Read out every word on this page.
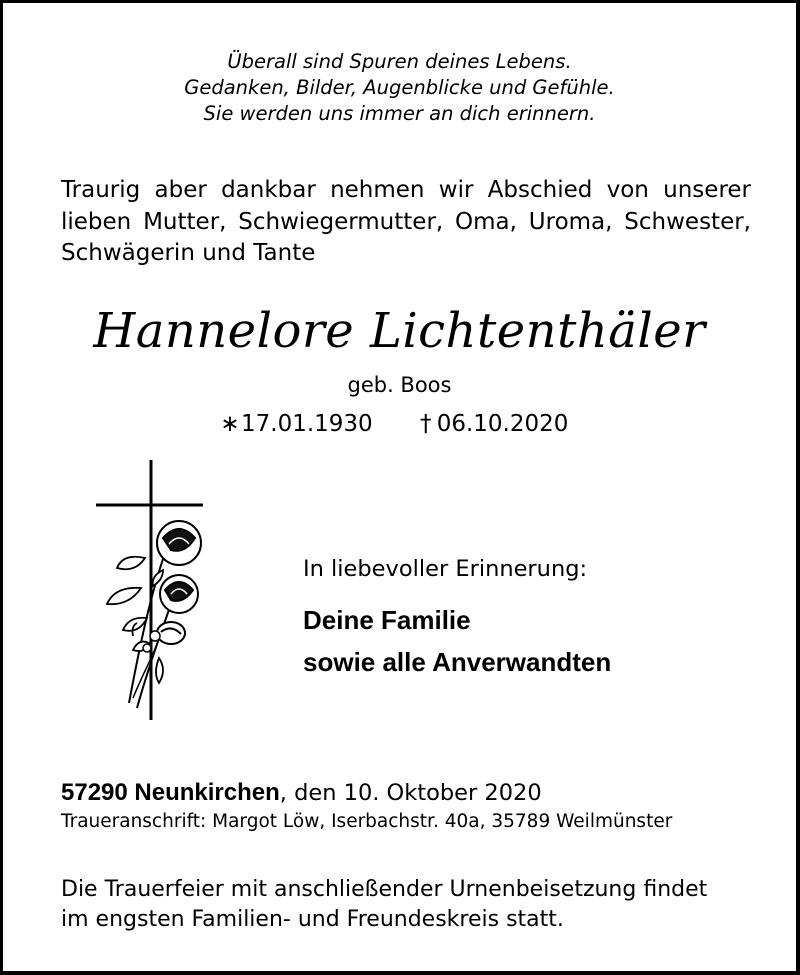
Überall sind Spuren deines Lebens.
Gedanken, Bilder, Augenblicke und Gefühle.
Sie werden uns immer an dich erinnern.
Traurig aber dankbar nehmen wir Abschied von unserer
lieben Mutter, Schwiegermutter, Oma, Uroma, Schwester,
Schwägerin und Tante
Hannelore Lichtenthäler
geb. Boos
∗17.01.1930 † 06.10.2020
In liebevoller Erinnerung:
Deine Familie
sowie alle Anverwandten
57290 Neunkirchen, den 10. Oktober 2020
Traueranschrift: Margot Löw, Iserbachstr. 40a, 35789 Weilmünster
Die Trauerfeier mit anschließender Urnenbeisetzung findet
im engsten Familien- und Freundeskreis statt.
